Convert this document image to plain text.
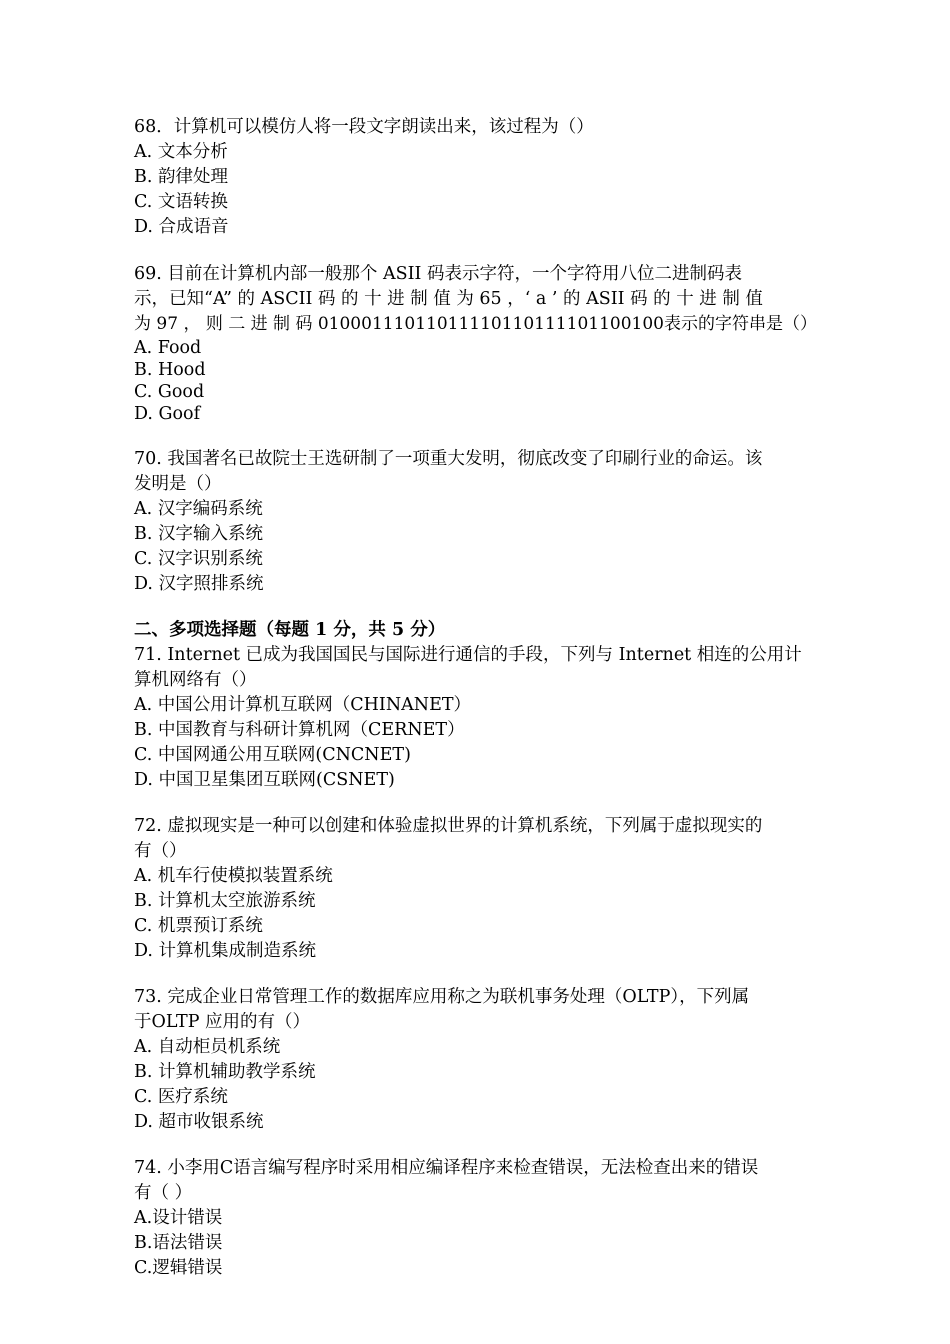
68．计算机可以模仿人将一段文字朗读出来，该过程为（）
A. 文本分析
B. 韵律处理
C. 文语转换
D. 合成语音
69. 目前在计算机内部一般那个 ASII 码表示字符，一个字符用八位二进制码表
示，已知“A” 的 ASCII 码 的 十 进 制 值 为 65 ，‘ a ’ 的 ASII 码 的 十 进 制 值
为 97 ， 则 二 进 制 码 01000111011011110110111101100100表示的字符串是（）
A. Food
B. Hood
C. Good
D. Goof
70. 我国著名已故院士王选研制了一项重大发明，彻底改变了印刷行业的命运。该
发明是（）
A. 汉字编码系统
B. 汉字输入系统
C. 汉字识别系统
D. 汉字照排系统
二、多项选择题（每题 1 分，共 5 分）
71. Internet 已成为我国国民与国际进行通信的手段，下列与 Internet 相连的公用计
算机网络有（）
A. 中国公用计算机互联网（CHINANET）
B. 中国教育与科研计算机网（CERNET）
C. 中国网通公用互联网(CNCNET)
D. 中国卫星集团互联网(CSNET)
72. 虚拟现实是一种可以创建和体验虚拟世界的计算机系统，下列属于虚拟现实的
有（）
A. 机车行使模拟装置系统
B. 计算机太空旅游系统
C. 机票预订系统
D. 计算机集成制造系统
73. 完成企业日常管理工作的数据库应用称之为联机事务处理（OLTP），下列属
于OLTP 应用的有（）
A. 自动柜员机系统
B. 计算机辅助教学系统
C. 医疗系统
D. 超市收银系统
74. 小李用C语言编写程序时采用相应编译程序来检查错误，无法检查出来的错误
有（ ）
A.设计错误
B.语法错误
C.逻辑错误
